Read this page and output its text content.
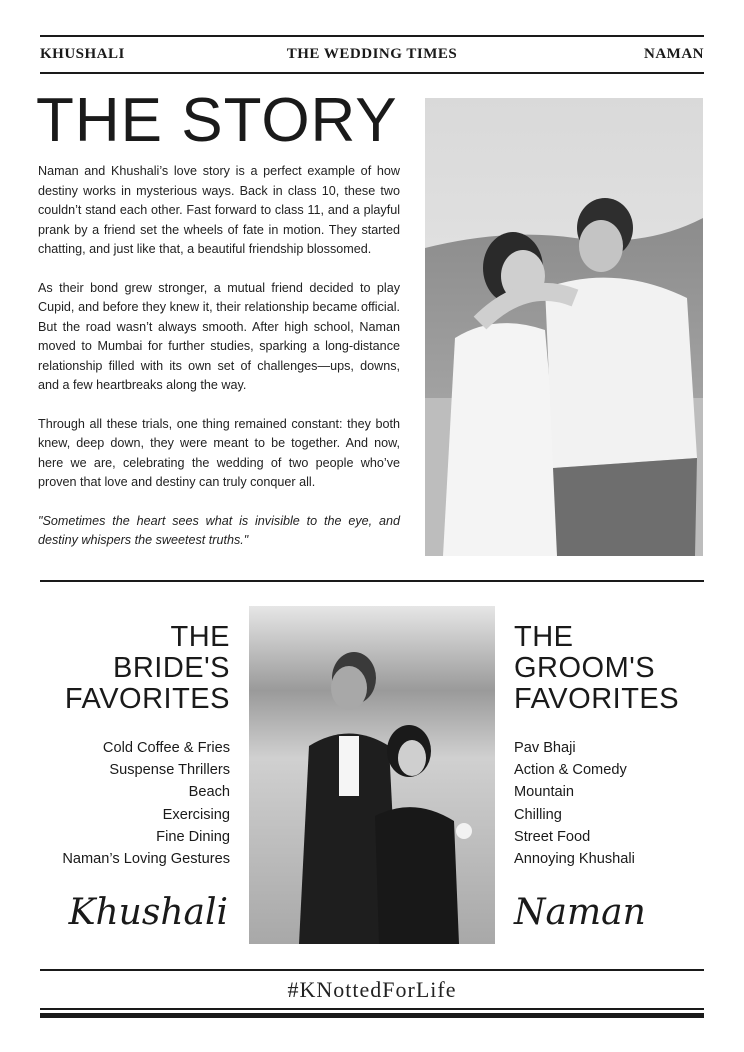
KHUSHALI	THE WEDDING TIMES	NAMAN
THE STORY

Naman and Khushali’s love story is a perfect example of how destiny works in mysterious ways. Back in class 10, these two couldn’t stand each other. Fast forward to class 11, and a playful prank by a friend set the wheels of fate in motion. They started chatting, and just like that, a beautiful friendship blossomed.

As their bond grew stronger, a mutual friend decided to play Cupid, and before they knew it, their relationship became official. But the road wasn’t always smooth. After high school, Naman moved to Mumbai for further studies, sparking a long-distance relationship filled with its own set of challenges—ups, downs, and a few heartbreaks along the way.

Through all these trials, one thing remained constant: they both knew, deep down, they were meant to be together. And now, here we are, celebrating the wedding of two people who’ve proven that love and destiny can truly conquer all.

"Sometimes the heart sees what is invisible to the eye, and destiny whispers the sweetest truths."

THE
BRIDE'S
FAVORITES
Cold Coffee & Fries
Suspense Thrillers
Beach
Exercising
Fine Dining
Naman’s Loving Gestures
Khushali
THE
GROOM'S
FAVORITES
Pav Bhaji
Action & Comedy
Mountain
Chilling
Street Food
Annoying Khushali
Naman
#KNottedForLife
